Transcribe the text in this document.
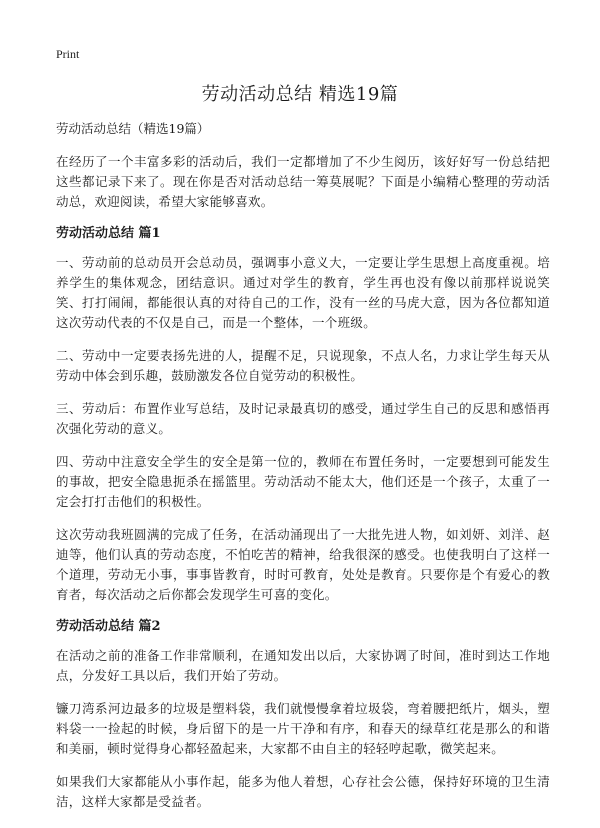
Print
劳动活动总结 精选19篇
劳动活动总结（精选19篇）

在经历了一个丰富多彩的活动后，我们一定都增加了不少生阅历，该好好写一份总结把这些都记录下来了。现在你是否对活动总结一筹莫展呢？下面是小编精心整理的劳动活动总，欢迎阅读，希望大家能够喜欢。

劳动活动总结 篇1

一、劳动前的总动员开会总动员，强调事小意义大，一定要让学生思想上高度重视。培养学生的集体观念，团结意识。通过对学生的教育，学生再也没有像以前那样说说笑笑、打打闹闹，都能很认真的对待自己的工作，没有一丝的马虎大意，因为各位都知道这次劳动代表的不仅是自己，而是一个整体，一个班级。

二、劳动中一定要表扬先进的人，提醒不足，只说现象，不点人名，力求让学生每天从劳动中体会到乐趣，鼓励激发各位自觉劳动的积极性。

三、劳动后：布置作业写总结，及时记录最真切的感受，通过学生自己的反思和感悟再次强化劳动的意义。

四、劳动中注意安全学生的安全是第一位的，教师在布置任务时，一定要想到可能发生的事故，把安全隐患扼杀在摇篮里。劳动活动不能太大，他们还是一个孩子，太重了一定会打打击他们的积极性。

这次劳动我班圆满的完成了任务，在活动涌现出了一大批先进人物，如刘妍、刘洋、赵迪等，他们认真的劳动态度，不怕吃苦的精神，给我很深的感受。也使我明白了这样一个道理，劳动无小事，事事皆教育，时时可教育，处处是教育。只要你是个有爱心的教育者，每次活动之后你都会发现学生可喜的变化。

劳动活动总结 篇2

在活动之前的准备工作非常顺利，在通知发出以后，大家协调了时间，准时到达工作地点，分发好工具以后，我们开始了劳动。

镰刀湾系河边最多的垃圾是塑料袋，我们就慢慢拿着垃圾袋，弯着腰把纸片，烟头，塑料袋一一捡起的时候，身后留下的是一片干净和有序，和春天的绿草红花是那么的和谐和美丽，顿时觉得身心都轻盈起来，大家都不由自主的轻轻哼起歌，微笑起来。

如果我们大家都能从小事作起，能多为他人着想，心存社会公德，保持好环境的卫生清洁，这样大家都是受益者。
